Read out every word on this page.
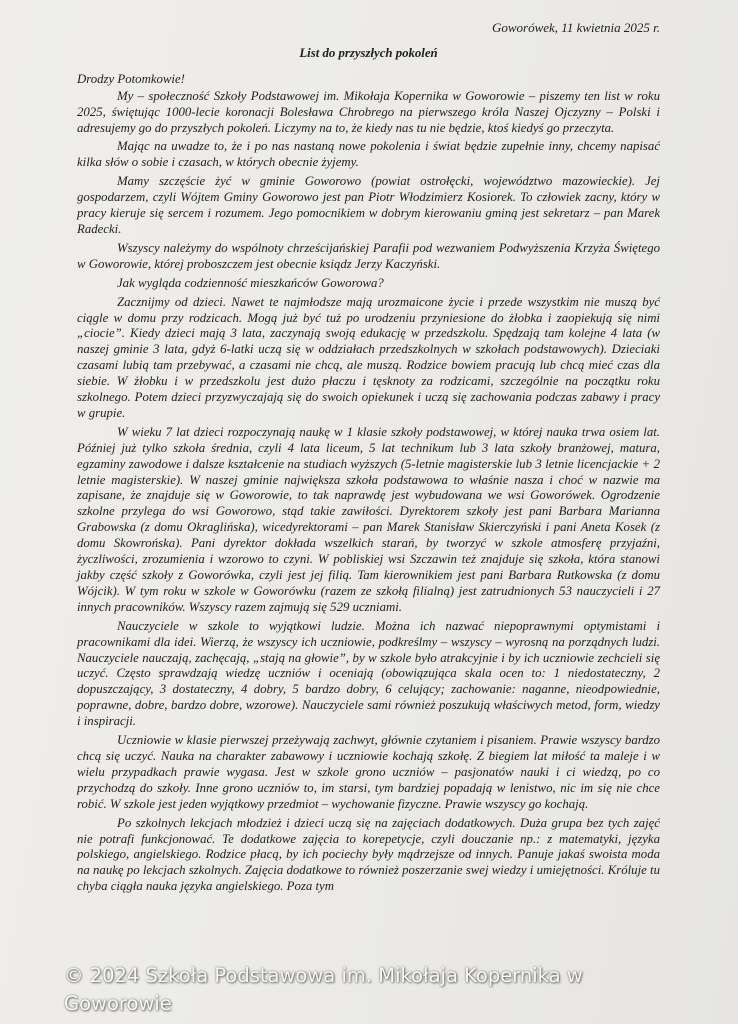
Goworówek, 11 kwietnia 2025 r.

List do przyszłych pokoleń

Drodzy Potomkowie!

My – społeczność Szkoły Podstawowej im. Mikołaja Kopernika w Goworowie – piszemy ten list w roku 2025, świętując 1000-lecie koronacji Bolesława Chrobrego na pierwszego króla Naszej Ojczyzny – Polski i adresujemy go do przyszłych pokoleń. Liczymy na to, że kiedy nas tu nie będzie, ktoś kiedyś go przeczyta.

Mając na uwadze to, że i po nas nastaną nowe pokolenia i świat będzie zupełnie inny, chcemy napisać kilka słów o sobie i czasach, w których obecnie żyjemy.

Mamy szczęście żyć w gminie Goworowo (powiat ostrołęcki, województwo mazowieckie). Jej gospodarzem, czyli Wójtem Gminy Goworowo jest pan Piotr Włodzimierz Kosiorek. To człowiek zacny, który w pracy kieruje się sercem i rozumem. Jego pomocnikiem w dobrym kierowaniu gminą jest sekretarz – pan Marek Radecki.

Wszyscy należymy do wspólnoty chrześcijańskiej Parafii pod wezwaniem Podwyższenia Krzyża Świętego w Goworowie, której proboszczem jest obecnie ksiądz Jerzy Kaczyński.

Jak wygląda codzienność mieszkańców Goworowa?

Zacznijmy od dzieci. Nawet te najmłodsze mają urozmaicone życie i przede wszystkim nie muszą być ciągle w domu przy rodzicach. Mogą już być tuż po urodzeniu przyniesione do żłobka i zaopiekują się nimi „ciocie”. Kiedy dzieci mają 3 lata, zaczynają swoją edukację w przedszkolu. Spędzają tam kolejne 4 lata (w naszej gminie 3 lata, gdyż 6-latki uczą się w oddziałach przedszkolnych w szkołach podstawowych). Dzieciaki czasami lubią tam przebywać, a czasami nie chcą, ale muszą. Rodzice bowiem pracują lub chcą mieć czas dla siebie. W żłobku i w przedszkolu jest dużo płaczu i tęsknoty za rodzicami, szczególnie na początku roku szkolnego. Potem dzieci przyzwyczajają się do swoich opiekunek i uczą się zachowania podczas zabawy i pracy w grupie.

W wieku 7 lat dzieci rozpoczynają naukę w 1 klasie szkoły podstawowej, w której nauka trwa osiem lat. Później już tylko szkoła średnia, czyli 4 lata liceum, 5 lat technikum lub 3 lata szkoły branżowej, matura, egzaminy zawodowe i dalsze kształcenie na studiach wyższych (5-letnie magisterskie lub 3 letnie licencjackie + 2 letnie magisterskie). W naszej gminie największa szkoła podstawowa to właśnie nasza i choć w nazwie ma zapisane, że znajduje się w Goworowie, to tak naprawdę jest wybudowana we wsi Goworówek. Ogrodzenie szkolne przylega do wsi Goworowo, stąd takie zawiłości. Dyrektorem szkoły jest pani Barbara Marianna Grabowska (z domu Okraglińska), wicedyrektorami – pan Marek Stanisław Skierczyński i pani Aneta Kosek (z domu Skowrońska). Pani dyrektor dokłada wszelkich starań, by tworzyć w szkole atmosferę przyjaźni, życzliwości, zrozumienia i wzorowo to czyni. W pobliskiej wsi Szczawin też znajduje się szkoła, która stanowi jakby część szkoły z Goworówka, czyli jest jej filią. Tam kierownikiem jest pani Barbara Rutkowska (z domu Wójcik). W tym roku w szkole w Goworówku (razem ze szkołą filialną) jest zatrudnionych 53 nauczycieli i 27 innych pracowników. Wszyscy razem zajmują się 529 uczniami.

Nauczyciele w szkole to wyjątkowi ludzie. Można ich nazwać niepoprawnymi optymistami i pracownikami dla idei. Wierzą, że wszyscy ich uczniowie, podkreślmy – wszyscy – wyrosną na porządnych ludzi. Nauczyciele nauczają, zachęcają, „stają na głowie”, by w szkole było atrakcyjnie i by ich uczniowie zechcieli się uczyć. Często sprawdzają wiedzę uczniów i oceniają (obowiązująca skala ocen to: 1 niedostateczny, 2 dopuszczający, 3 dostateczny, 4 dobry, 5 bardzo dobry, 6 celujący; zachowanie: naganne, nieodpowiednie, poprawne, dobre, bardzo dobre, wzorowe). Nauczyciele sami również poszukują właściwych metod, form, wiedzy i inspiracji.

Uczniowie w klasie pierwszej przeżywają zachwyt, głównie czytaniem i pisaniem. Prawie wszyscy bardzo chcą się uczyć. Nauka na charakter zabawowy i uczniowie kochają szkołę. Z biegiem lat miłość ta maleje i w wielu przypadkach prawie wygasa. Jest w szkole grono uczniów – pasjonatów nauki i ci wiedzą, po co przychodzą do szkoły. Inne grono uczniów to, im starsi, tym bardziej popadają w lenistwo, nic im się nie chce robić. W szkole jest jeden wyjątkowy przedmiot – wychowanie fizyczne. Prawie wszyscy go kochają.

Po szkolnych lekcjach młodzież i dzieci uczą się na zajęciach dodatkowych. Duża grupa bez tych zajęć nie potrafi funkcjonować. Te dodatkowe zajęcia to korepetycje, czyli douczanie np.: z matematyki, języka polskiego, angielskiego. Rodzice płacą, by ich pociechy były mądrzejsze od innych. Panuje jakaś swoista moda na naukę po lekcjach szkolnych. Zajęcia dodatkowe to również poszerzanie swej wiedzy i umiejętności. Króluje tu chyba ciągła nauka języka angielskiego. Poza tym

© 2024 Szkoła Podstawowa im. Mikołaja Kopernika w Goworowie
